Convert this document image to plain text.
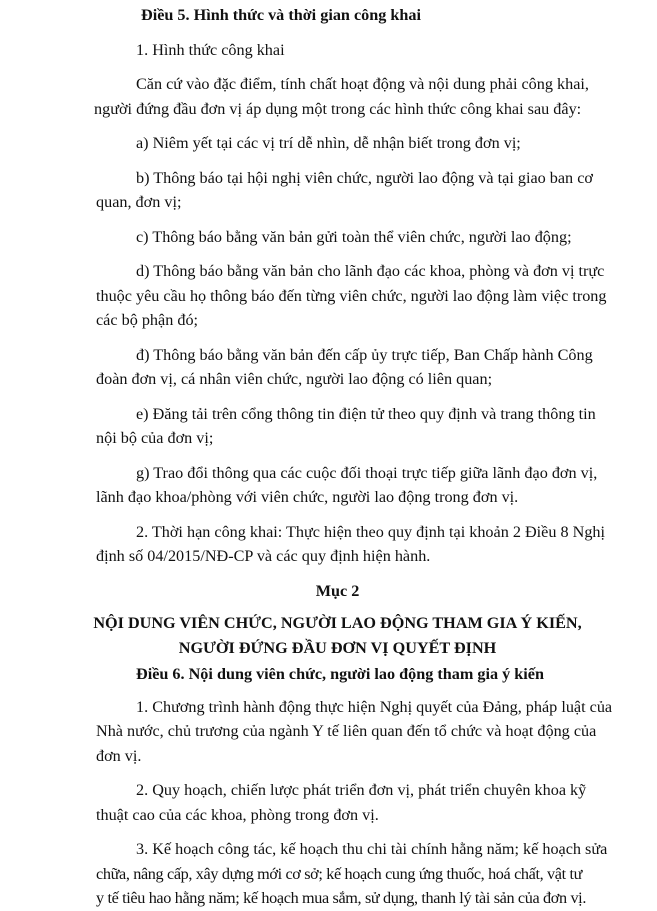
Điều 5. Hình thức và thời gian công khai
1. Hình thức công khai
Căn cứ vào đặc điểm, tính chất hoạt động và nội dung phải công khai,
người đứng đầu đơn vị áp dụng một trong các hình thức công khai sau đây:
a) Niêm yết tại các vị trí dễ nhìn, dễ nhận biết trong đơn vị;
b) Thông báo tại hội nghị viên chức, người lao động và tại giao ban cơ
quan, đơn vị;
c) Thông báo bằng văn bản gửi toàn thể viên chức, người lao động;
d) Thông báo bằng văn bản cho lãnh đạo các khoa, phòng và đơn vị trực
thuộc yêu cầu họ thông báo đến từng viên chức, người lao động làm việc trong
các bộ phận đó;
đ) Thông báo bằng văn bản đến cấp ủy trực tiếp, Ban Chấp hành Công
đoàn đơn vị, cá nhân viên chức, người lao động có liên quan;
e) Đăng tải trên cổng thông tin điện tử theo quy định và trang thông tin
nội bộ của đơn vị;
g) Trao đổi thông qua các cuộc đối thoại trực tiếp giữa lãnh đạo đơn vị,
lãnh đạo khoa/phòng với viên chức, người lao động trong đơn vị.
2. Thời hạn công khai: Thực hiện theo quy định tại khoản 2 Điều 8 Nghị
định số 04/2015/NĐ-CP và các quy định hiện hành.
Mục 2
NỘI DUNG VIÊN CHỨC, NGƯỜI LAO ĐỘNG THAM GIA Ý KIẾN,
NGƯỜI ĐỨNG ĐẦU ĐƠN VỊ QUYẾT ĐỊNH
Điều 6. Nội dung viên chức, người lao động tham gia ý kiến
1. Chương trình hành động thực hiện Nghị quyết của Đảng, pháp luật của
Nhà nước, chủ trương của ngành Y tế liên quan đến tổ chức và hoạt động của
đơn vị.
2. Quy hoạch, chiến lược phát triển đơn vị, phát triển chuyên khoa kỹ
thuật cao của các khoa, phòng trong đơn vị.
3. Kế hoạch công tác, kế hoạch thu chi tài chính hằng năm; kế hoạch sửa
chữa, nâng cấp, xây dựng mới cơ sở; kế hoạch cung ứng thuốc, hoá chất, vật tư
y tế tiêu hao hằng năm; kế hoạch mua sắm, sử dụng, thanh lý tài sản của đơn vị.
